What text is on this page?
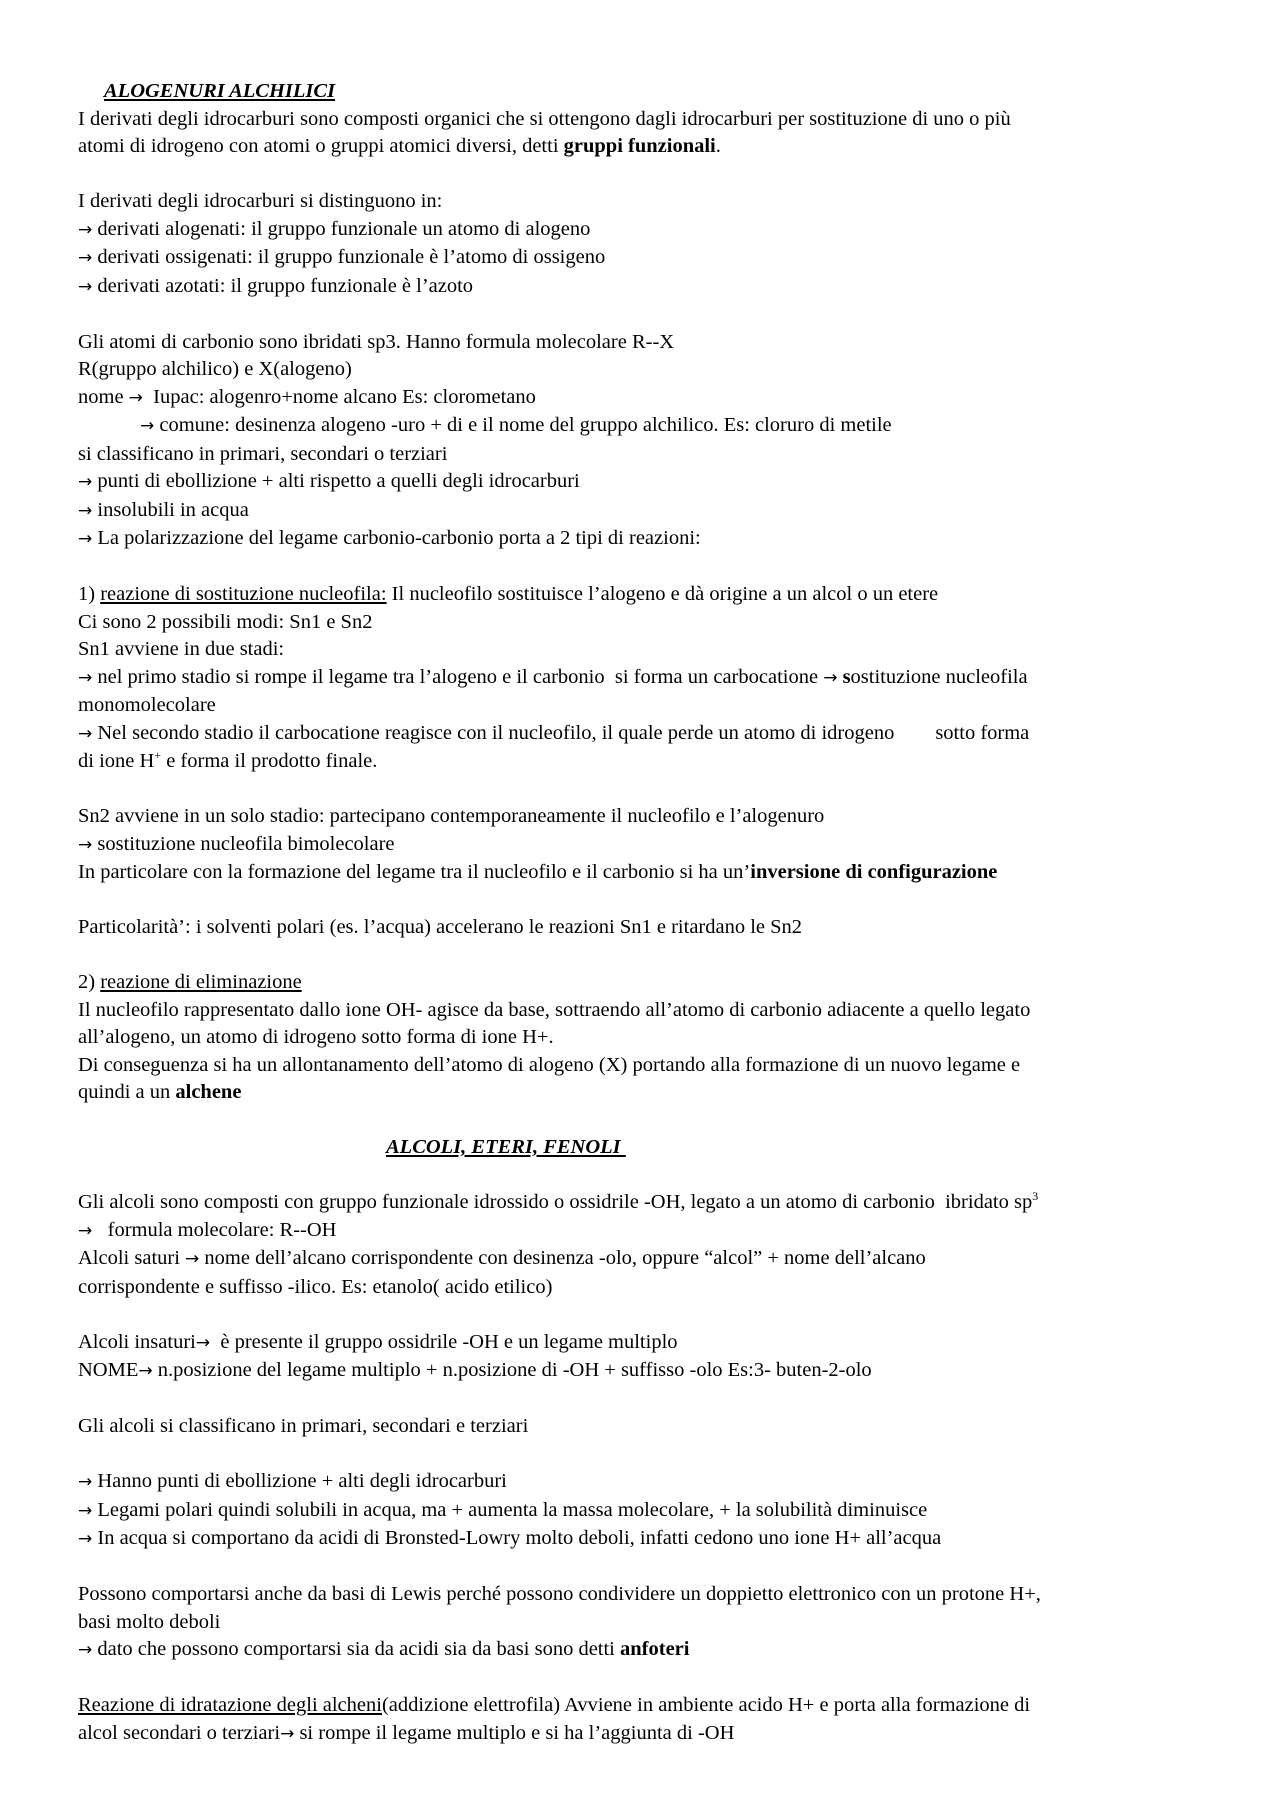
ALOGENURI ALCHILICI
I derivati degli idrocarburi sono composti organici che si ottengono dagli idrocarburi per sostituzione di uno o più
atomi di idrogeno con atomi o gruppi atomici diversi, detti gruppi funzionali.
I derivati degli idrocarburi si distinguono in:
→ derivati alogenati: il gruppo funzionale un atomo di alogeno
→ derivati ossigenati: il gruppo funzionale è l’atomo di ossigeno
→ derivati azotati: il gruppo funzionale è l’azoto
Gli atomi di carbonio sono ibridati sp3. Hanno formula molecolare R--X
R(gruppo alchilico) e X(alogeno)
nome →  Iupac: alogenro+nome alcano Es: clorometano
→ comune: desinenza alogeno -uro + di e il nome del gruppo alchilico. Es: cloruro di metile
si classificano in primari, secondari o terziari
→ punti di ebollizione + alti rispetto a quelli degli idrocarburi
→ insolubili in acqua
→ La polarizzazione del legame carbonio-carbonio porta a 2 tipi di reazioni:
1) reazione di sostituzione nucleofila: Il nucleofilo sostituisce l’alogeno e dà origine a un alcol o un etere
Ci sono 2 possibili modi: Sn1 e Sn2
Sn1 avviene in due stadi:
→ nel primo stadio si rompe il legame tra l’alogeno e il carbonio  si forma un carbocatione → sostituzione nucleofila
monomolecolare
→ Nel secondo stadio il carbocatione reagisce con il nucleofilo, il quale perde un atomo di idrogeno        sotto forma
di ione H+ e forma il prodotto finale.
Sn2 avviene in un solo stadio: partecipano contemporaneamente il nucleofilo e l’alogenuro
→ sostituzione nucleofila bimolecolare
In particolare con la formazione del legame tra il nucleofilo e il carbonio si ha un’inversione di configurazione
Particolarità’: i solventi polari (es. l’acqua) accelerano le reazioni Sn1 e ritardano le Sn2
2) reazione di eliminazione
Il nucleofilo rappresentato dallo ione OH- agisce da base, sottraendo all’atomo di carbonio adiacente a quello legato
all’alogeno, un atomo di idrogeno sotto forma di ione H+.
Di conseguenza si ha un allontanamento dell’atomo di alogeno (X) portando alla formazione di un nuovo legame e
quindi a un alchene
ALCOLI, ETERI, FENOLI
Gli alcoli sono composti con gruppo funzionale idrossido o ossidrile -OH, legato a un atomo di carbonio  ibridato $sp^3$
→   formula molecolare: R--OH
Alcoli saturi → nome dell’alcano corrispondente con desinenza -olo, oppure “alcol” + nome dell’alcano
corrispondente e suffisso -ilico. Es: etanolo( acido etilico)
Alcoli insaturi→  è presente il gruppo ossidrile -OH e un legame multiplo
NOME→ n.posizione del legame multiplo + n.posizione di -OH + suffisso -olo Es:3- buten-2-olo
Gli alcoli si classificano in primari, secondari e terziari
→ Hanno punti di ebollizione + alti degli idrocarburi
→ Legami polari quindi solubili in acqua, ma + aumenta la massa molecolare, + la solubilità diminuisce
→ In acqua si comportano da acidi di Bronsted-Lowry molto deboli, infatti cedono uno ione H+ all’acqua
Possono comportarsi anche da basi di Lewis perché possono condividere un doppietto elettronico con un protone H+,
basi molto deboli
→ dato che possono comportarsi sia da acidi sia da basi sono detti anfoteri
Reazione di idratazione degli alcheni(addizione elettrofila) Avviene in ambiente acido H+ e porta alla formazione di
alcol secondari o terziari→ si rompe il legame multiplo e si ha l’aggiunta di -OH
